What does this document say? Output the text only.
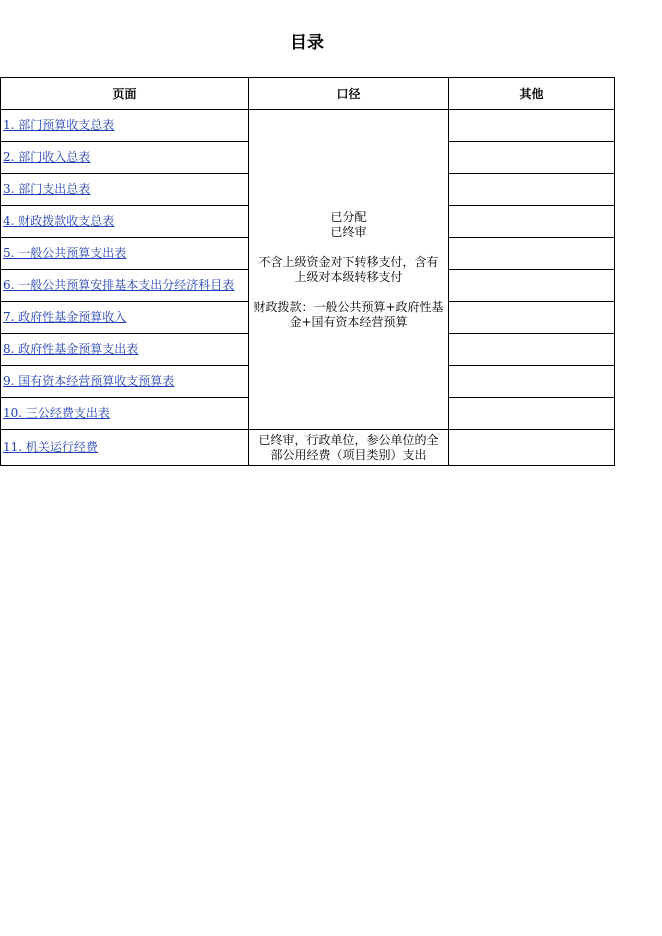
目录
页面	口径	其他
1. 部门预算收支总表	已分配
已终审
不含上级资金对下转移支付，含有上级对本级转移支付
财政拨款：一般公共预算+政府性基金+国有资本经营预算	

2. 部门收入总表		
3. 部门支出总表		
4. 财政拨款收支总表		
5. 一般公共预算支出表		
6. 一般公共预算安排基本支出分经济科目表		
7. 政府性基金预算收入		
8. 政府性基金预算支出表		
9. 国有资本经营预算收支预算表		
10. 三公经费支出表		
11. 机关运行经费	已终审，行政单位，参公单位的全部公用经费（项目类别）支出	
